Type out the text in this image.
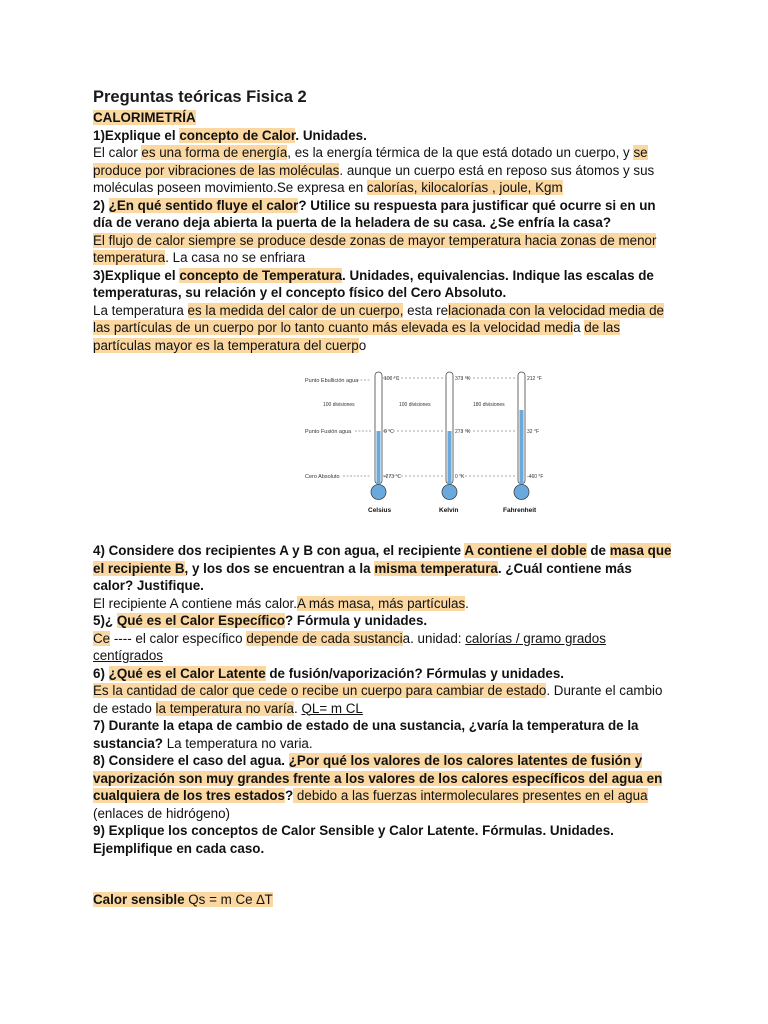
Preguntas teóricas Fisica 2

CALORIMETRÍA

1)Explique el concepto de Calor. Unidades.

El calor es una forma de energía, es la energía térmica de la que está dotado un cuerpo, y se produce por vibraciones de las moléculas. aunque un cuerpo está en reposo sus átomos y sus moléculas poseen movimiento.Se expresa en calorías, kilocalorías , joule, Kgm

2) ¿En qué sentido fluye el calor? Utilice su respuesta para justificar qué ocurre si en un día de verano deja abierta la puerta de la heladera de su casa. ¿Se enfría la casa?

El flujo de calor siempre se produce desde zonas de mayor temperatura hacia zonas de menor temperatura. La casa no se enfriara

3)Explique el concepto de Temperatura. Unidades, equivalencias. Indique las escalas de temperaturas, su relación y el concepto físico del Cero Absoluto.

La temperatura es la medida del calor de un cuerpo, esta relacionada con la velocidad media de las partículas de un cuerpo por lo tanto cuanto más elevada es la velocidad media de las partículas mayor es la temperatura del cuerpo

Punto Ebullición agua
Punto Fusión agua
Cero Absoluto
100 divisiones	100 divisiones	180 divisiones
100 °C
0 °C
-273 °C
Celsius
373 °K
273 °K
0 °K
Kelvin
212 °F
32 °F
-460 °F
Fahrenheit

4) Considere dos recipientes A y B con agua, el recipiente A contiene el doble de masa que el recipiente B, y los dos se encuentran a la misma temperatura. ¿Cuál contiene más calor? Justifique.

El recipiente A contiene más calor.A más masa, más partículas.

5)¿ Qué es el Calor Específico? Fórmula y unidades.

Ce ---- el calor específico depende de cada sustancia. unidad: calorías / gramo grados centígrados

6) ¿Qué es el Calor Latente de fusión/vaporización? Fórmulas y unidades.

Es la cantidad de calor que cede o recibe un cuerpo para cambiar de estado. Durante el cambio de estado la temperatura no varía. QL= m CL

7) Durante la etapa de cambio de estado de una sustancia, ¿varía la temperatura de la sustancia? La temperatura no varia.

8) Considere el caso del agua. ¿Por qué los valores de los calores latentes de fusión y vaporización son muy grandes frente a los valores de los calores específicos del agua en cualquiera de los tres estados? debido a las fuerzas intermoleculares presentes en el agua (enlaces de hidrógeno)

9) Explique los conceptos de Calor Sensible y Calor Latente. Fórmulas. Unidades. Ejemplifique en cada caso.

Calor sensible Qs = m Ce ∆T
